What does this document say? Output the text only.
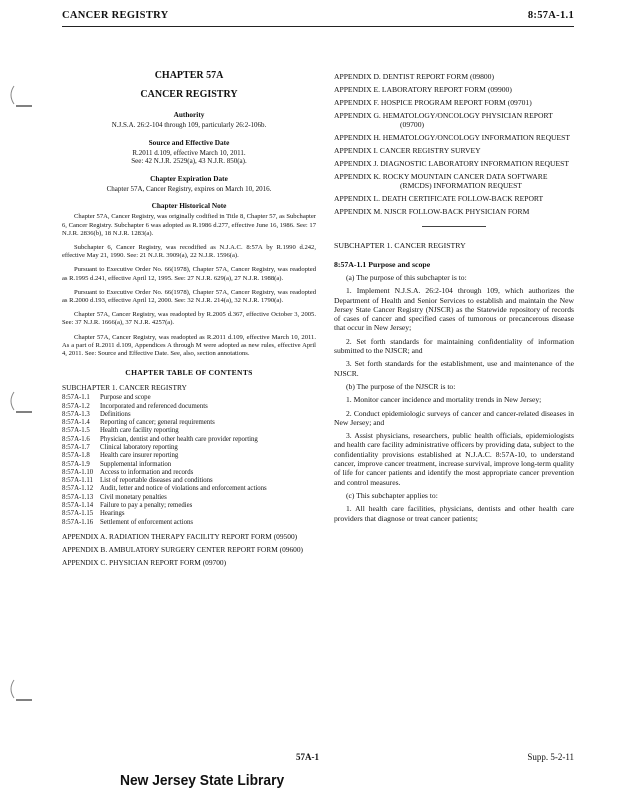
CANCER REGISTRY	8:57A-1.1
CHAPTER 57A
CANCER REGISTRY
Authority
N.J.S.A. 26:2-104 through 109, particularly 26:2-106b.
Source and Effective Date
R.2011 d.109, effective March 10, 2011.
See: 42 N.J.R. 2529(a), 43 N.J.R. 850(a).
Chapter Expiration Date
Chapter 57A, Cancer Registry, expires on March 10, 2016.
Chapter Historical Note
Chapter 57A, Cancer Registry, was originally codified in Title 8, Chapter 57, as Subchapter 6, Cancer Registry. Subchapter 6 was adopted as R.1986 d.277, effective June 16, 1986. See: 17 N.J.R. 2836(b), 18 N.J.R. 1283(a).
Subchapter 6, Cancer Registry, was recodified as N.J.A.C. 8:57A by R.1990 d.242, effective May 21, 1990. See: 21 N.J.R. 3909(a), 22 N.J.R. 1596(a).
Pursuant to Executive Order No. 66(1978), Chapter 57A, Cancer Registry, was readopted as R.1995 d.241, effective April 12, 1995. See: 27 N.J.R. 629(a), 27 N.J.R. 1988(a).
Pursuant to Executive Order No. 66(1978), Chapter 57A, Cancer Registry, was readopted as R.2000 d.193, effective April 12, 2000. See: 32 N.J.R. 214(a), 32 N.J.R. 1790(a).
Chapter 57A, Cancer Registry, was readopted by R.2005 d.367, effective October 3, 2005. See: 37 N.J.R. 1666(a), 37 N.J.R. 4257(a).
Chapter 57A, Cancer Registry, was readopted as R.2011 d.109, effective March 10, 2011. As a part of R.2011 d.109, Appendices A through M were adopted as new rules, effective April 4, 2011. See: Source and Effective Date. See, also, section annotations.
CHAPTER TABLE OF CONTENTS
SUBCHAPTER 1. CANCER REGISTRY
8:57A-1.1	Purpose and scope
8:57A-1.2	Incorporated and referenced documents
8:57A-1.3	Definitions
8:57A-1.4	Reporting of cancer; general requirements
8:57A-1.5	Health care facility reporting
8:57A-1.6	Physician, dentist and other health care provider reporting
8:57A-1.7	Clinical laboratory reporting
8:57A-1.8	Health care insurer reporting
8:57A-1.9	Supplemental information
8:57A-1.10	Access to information and records
8:57A-1.11	List of reportable diseases and conditions
8:57A-1.12	Audit, letter and notice of violations and enforcement actions
8:57A-1.13	Civil monetary penalties
8:57A-1.14	Failure to pay a penalty; remedies
8:57A-1.15	Hearings
8:57A-1.16	Settlement of enforcement actions
APPENDIX A. RADIATION THERAPY FACILITY REPORT FORM (09500)
APPENDIX B. AMBULATORY SURGERY CENTER REPORT FORM (09600)
APPENDIX C. PHYSICIAN REPORT FORM (09700)
APPENDIX D. DENTIST REPORT FORM (09800)
APPENDIX E. LABORATORY REPORT FORM (09900)
APPENDIX F. HOSPICE PROGRAM REPORT FORM (09701)
APPENDIX G. HEMATOLOGY/ONCOLOGY PHYSICIAN REPORT (09700)
APPENDIX H. HEMATOLOGY/ONCOLOGY INFORMATION REQUEST
APPENDIX I. CANCER REGISTRY SURVEY
APPENDIX J. DIAGNOSTIC LABORATORY INFORMATION REQUEST
APPENDIX K. ROCKY MOUNTAIN CANCER DATA SOFTWARE (RMCDS) INFORMATION REQUEST
APPENDIX L. DEATH CERTIFICATE FOLLOW-BACK REPORT
APPENDIX M. NJSCR FOLLOW-BACK PHYSICIAN FORM
SUBCHAPTER 1. CANCER REGISTRY
8:57A-1.1 Purpose and scope
(a) The purpose of this subchapter is to:
1. Implement N.J.S.A. 26:2-104 through 109, which authorizes the Department of Health and Senior Services to establish and maintain the New Jersey State Cancer Registry (NJSCR) as the Statewide repository of records of cases of cancer and specified cases of tumorous or precancerous disease that occur in New Jersey;
2. Set forth standards for maintaining confidentiality of information submitted to the NJSCR; and
3. Set forth standards for the establishment, use and maintenance of the NJSCR.
(b) The purpose of the NJSCR is to:
1. Monitor cancer incidence and mortality trends in New Jersey;
2. Conduct epidemiologic surveys of cancer and cancer-related diseases in New Jersey; and
3. Assist physicians, researchers, public health officials, epidemiologists and health care facility administrative officers by providing data, subject to the confidentiality provisions established at N.J.A.C. 8:57A-10, to understand cancer, improve cancer treatment, increase survival, improve long-term quality of life for cancer patients and identify the most appropriate cancer prevention and control measures.
(c) This subchapter applies to:
1. All health care facilities, physicians, dentists and other health care providers that diagnose or treat cancer patients;
57A-1	Supp. 5-2-11
New Jersey State Library
